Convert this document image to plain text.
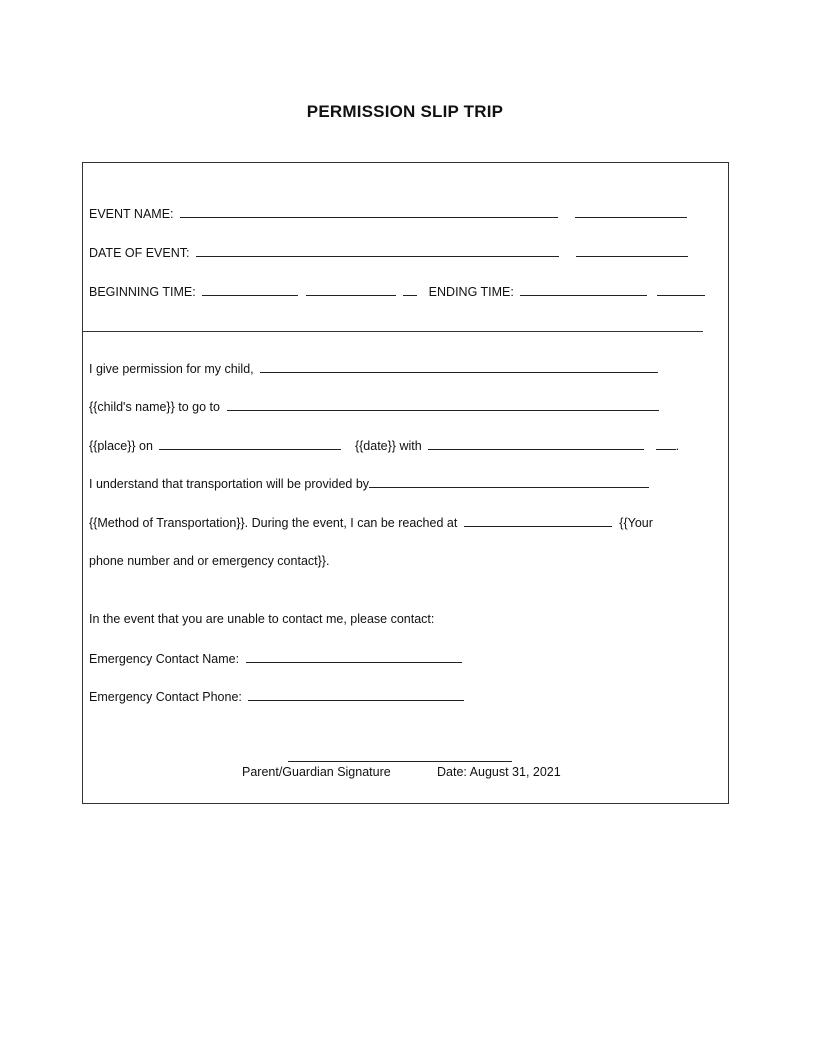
PERMISSION SLIP TRIP
EVENT NAME:
DATE OF EVENT:
BEGINNING TIME:	ENDING TIME:
I give permission for my child,
{{child's name}} to go to
{{place}} on	{{date}} with	.
I understand that transportation will be provided by
{{Method of Transportation}}. During the event, I can be reached at	{{Your
phone number and or emergency contact}}.
In the event that you are unable to contact me, please contact:
Emergency Contact Name:
Emergency Contact Phone:
Parent/Guardian Signature	Date: August 31, 2021
